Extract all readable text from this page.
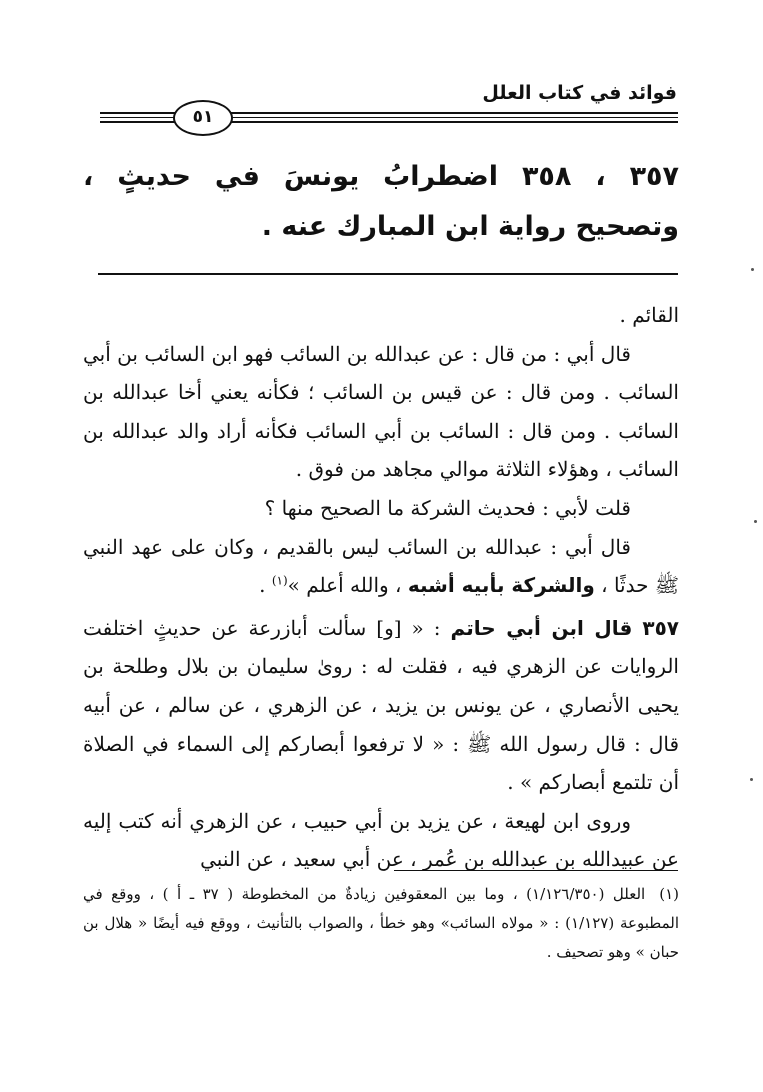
فوائد في كتاب العلل
٥١
٣٥٧ ، ٣٥٨ اضطرابُ يونسَ في حديثٍ ، وتصحيح رواية ابن المبارك عنه .

القائم .

قال أبي : من قال : عن عبدالله بن السائب فهو ابن السائب بن أبي السائب . ومن قال : عن قيس بن السائب ؛ فكأنه يعني أخا عبدالله بن السائب . ومن قال : السائب بن أبي السائب فكأنه أراد والد عبدالله بن السائب ، وهؤلاء الثلاثة موالي مجاهد من فوق .

قلت لأبي : فحديث الشركة ما الصحيح منها ؟

قال أبي : عبدالله بن السائب ليس بالقديم ، وكان على عهد النبي ﷺ حدثًا ، والشركة بأبيه أشبه ، والله أعلم »$^{(١)}$ .

٣٥٧قال ابن أبي حاتم : « [و] سألت أبازرعة عن حديثٍ اختلفت الروايات عن الزهري فيه ، فقلت له : روىٰ سليمان بن بلال وطلحة بن يحيى الأنصاري ، عن يونس بن يزيد ، عن الزهري ، عن سالم ، عن أبيه قال : قال رسول الله ﷺ : « لا ترفعوا أبصاركم إلى السماء في الصلاة أن تلتمع أبصاركم » .

وروى ابن لهيعة ، عن يزيد بن أبي حبيب ، عن الزهري أنه كتب إليه عن عبيدالله بن عبدالله بن عُمر ، عن أبي سعيد ، عن النبي

(١)العلل (١/١٢٦/٣٥٠) ، وما بين المعقوفين زيادةٌ من المخطوطة ( ٣٧ ـ أ ) ، ووقع في المطبوعة (١/١٢٧) : « مولاه السائب» وهو خطأ ، والصواب بالتأنيث ، ووقع فيه أيضًا « هلال بن حبان » وهو تصحيف .
